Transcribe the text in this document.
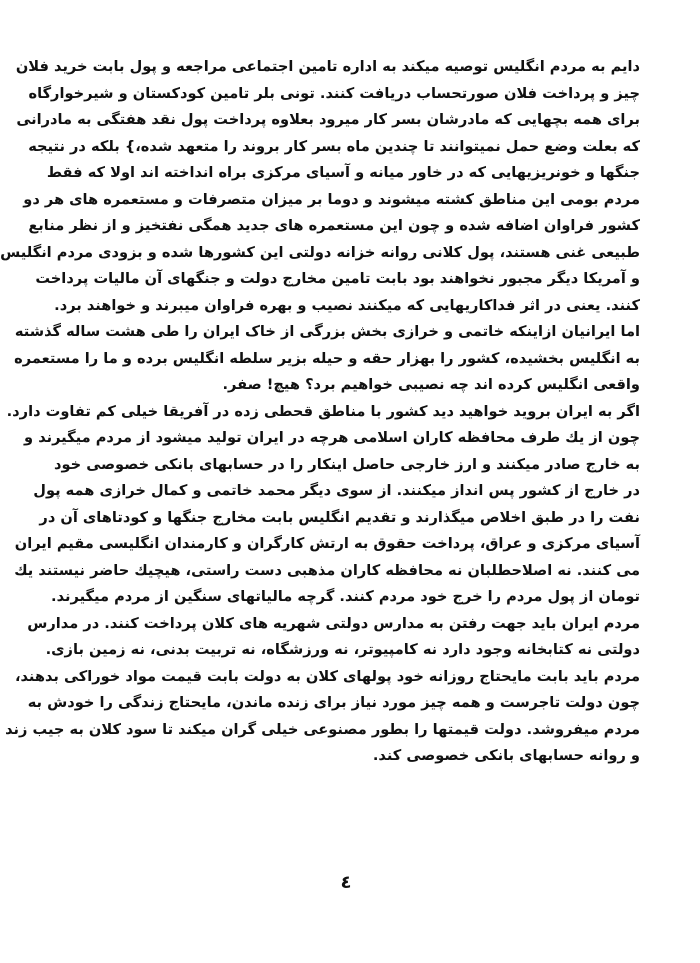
دایم به مردم انگلیس توصیه میکند به اداره تامین اجتماعی مراجعه و پول بابت خرید فلان
چیز و پرداخت فلان صورتحساب دریافت کنند. تونی بلر تامین کودکستان و شیرخوارگاه
برای همه بچهایی که مادرشان بسر کار میرود بعلاوه پرداخت پول نقد هفتگی به مادرانی
که بعلت وضع حمل نمیتوانند تا چندین ماه بسر کار بروند را متعهد شده،} بلکه در نتیجه
جنگها و خونریزیهایی که در خاور میانه و آسیای مرکزی براه انداخته اند اولا که فقط
مردم بومی این مناطق کشته میشوند و دوما بر میزان متصرفات و مستعمره های هر دو
کشور فراوان اضافه شده و چون این مستعمره های جدید همگی نفتخیز و از نظر منابع
طبیعی غنی هستند، پول کلانی روانه خزانه دولتی این کشورها شده و بزودی مردم انگلیس
و آمریکا دیگر مجبور نخواهند بود بابت تامین مخارج دولت و جنگهای آن مالیات پرداخت
کنند. یعنی در اثر فداکاریهایی که میکنند نصیب و بهره فراوان میبرند و خواهند برد.
اما ایرانیان ازاینکه خاتمی و خرازی بخش بزرگی از خاک ایران را طی هشت ساله گذشته
به انگلیس بخشیده، کشور را بهزار حقه و حیله بزیر سلطه انگلیس برده و ما را مستعمره
واقعی انگلیس کرده اند چه نصیبی خواهیم برد؟ هیچ! صفر.
اگر به ایران بروید خواهید دید کشور با مناطق قحطی زده در آفریقا خیلی کم تفاوت دارد.
چون از یك طرف محافظه کاران اسلامی هرچه در ایران تولید میشود از مردم میگیرند و
به خارج صادر میکنند و ارز خارجی حاصل اینکار را در حسابهای بانکی خصوصی خود
در خارج از کشور پس انداز میکنند. از سوی دیگر محمد خاتمی و کمال خرازی همه پول
نفت را در طبق اخلاص میگذارند و تقدیم انگلیس بابت مخارج جنگها و کودتاهای آن در
آسیای مرکزی و عراق، پرداخت حقوق به ارتش کارگران و کارمندان انگلیسی مقیم ایران
می کنند. نه اصلاحطلبان نه محافظه کاران مذهبی دست راستی، هیچیك حاضر نیستند یك
تومان از پول مردم را خرج خود مردم کنند. گرچه مالیاتهای سنگین از مردم میگیرند.
مردم ایران باید جهت رفتن به مدارس دولتی شهریه های کلان پرداخت کنند. در مدارس
دولتی نه کتابخانه وجود دارد نه کامپیوتر، نه ورزشگاه، نه تربیت بدنی، نه زمین بازی.
مردم باید بابت مایحتاج روزانه خود پولهای کلان به دولت بابت قیمت مواد خوراکی بدهند،
چون دولت تاجرست و همه چیز مورد نیاز برای زنده ماندن، مایحتاج زندگی را خودش به
مردم میفروشد. دولت قیمتها را بطور مصنوعی خیلی گران میکند تا سود کلان به جیب زند
و روانه حسابهای بانکی خصوصی کند.
٤
